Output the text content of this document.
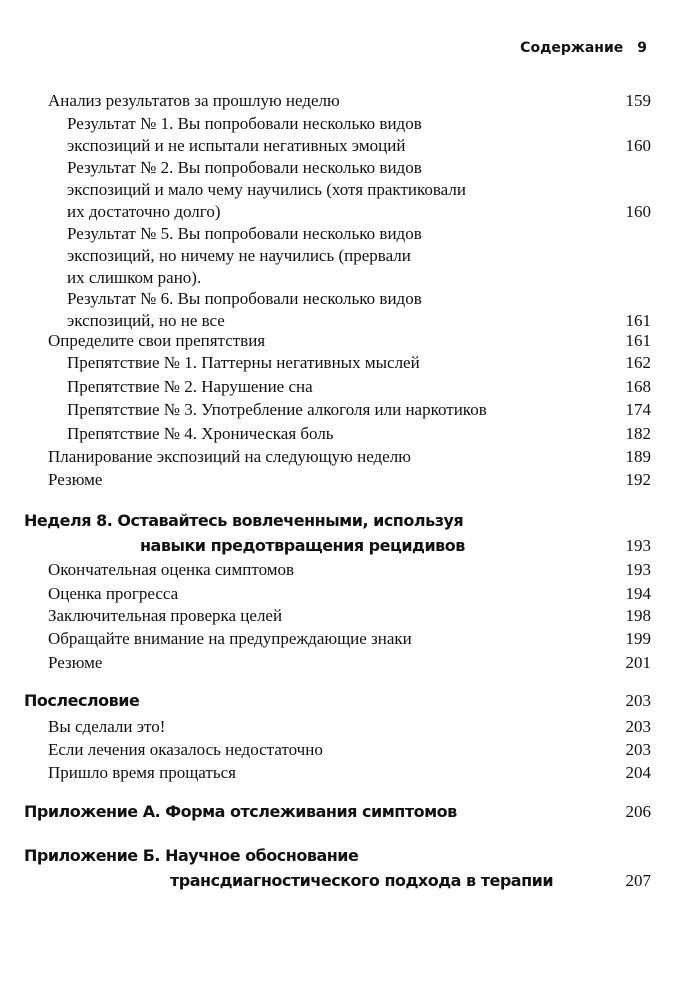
Содержание 9
Анализ результатов за прошлую неделю	159
Результат № 1. Вы попробовали несколько видов
экспозиций и не испытали негативных эмоций	160
Результат № 2. Вы попробовали несколько видов
экспозиций и мало чему научились (хотя практиковали
их достаточно долго)	160
Результат № 5. Вы попробовали несколько видов
экспозиций, но ничему не научились (прервали
их слишком рано).
Результат № 6. Вы попробовали несколько видов
экспозиций, но не все	161
Определите свои препятствия	161
Препятствие № 1. Паттерны негативных мыслей	162
Препятствие № 2. Нарушение сна	168
Препятствие № 3. Употребление алкоголя или наркотиков	174
Препятствие № 4. Хроническая боль	182
Планирование экспозиций на следующую неделю	189
Резюме	192
Неделя 8. Оставайтесь вовлеченными, используя
навыки предотвращения рецидивов	193
Окончательная оценка симптомов	193
Оценка прогресса	194
Заключительная проверка целей	198
Обращайте внимание на предупреждающие знаки	199
Резюме	201
Послесловие	203
Вы сделали это!	203
Если лечения оказалось недостаточно	203
Пришло время прощаться	204
Приложение А. Форма отслеживания симптомов	206
Приложение Б. Научное обоснование
трансдиагностического подхода в терапии	207
